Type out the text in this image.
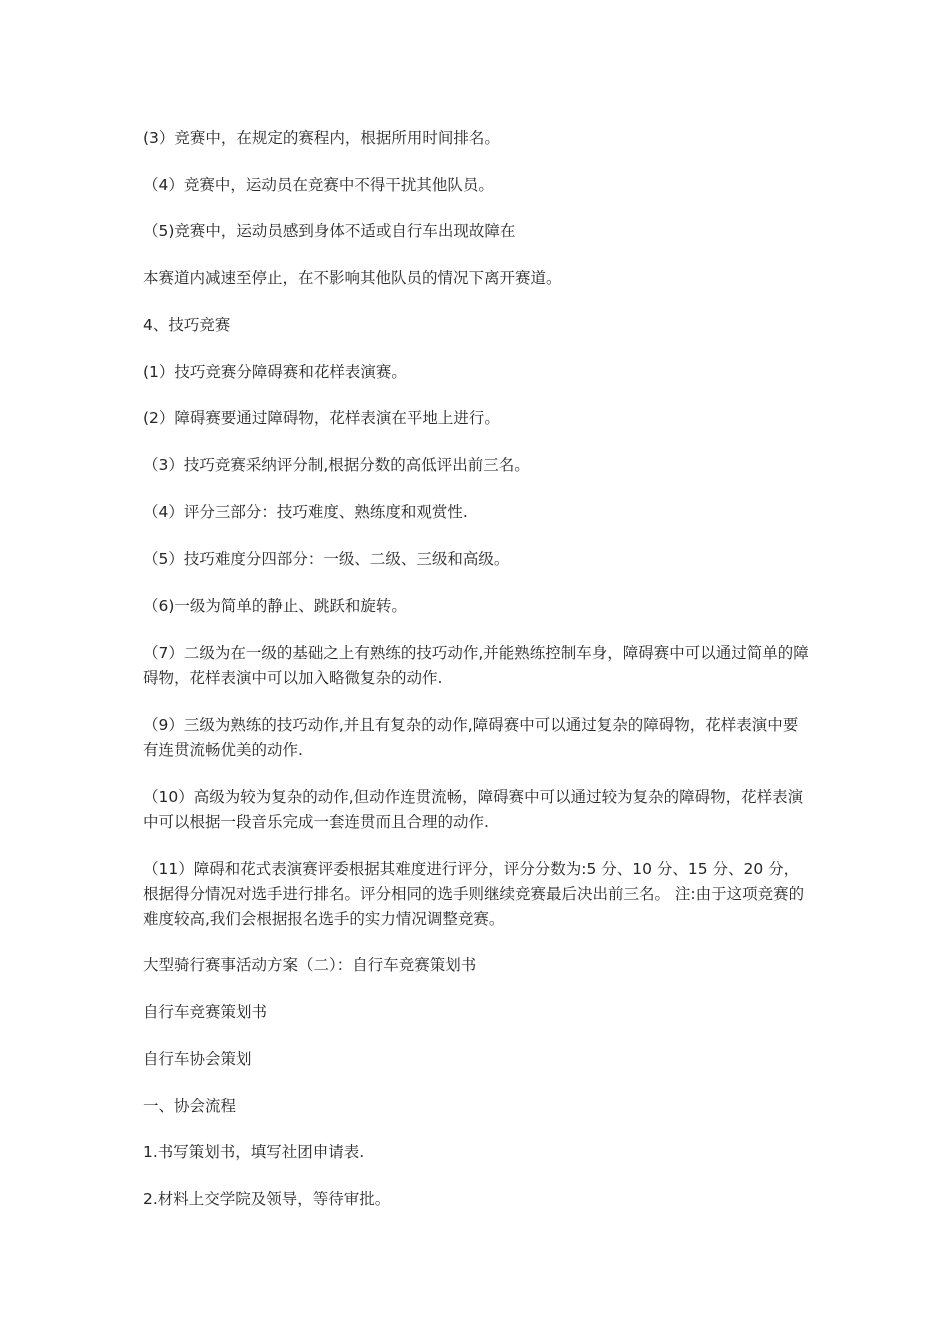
(3）竞赛中，在规定的赛程内，根据所用时间排名。

（4）竞赛中，运动员在竞赛中不得干扰其他队员。

（5)竞赛中，运动员感到身体不适或自行车出现故障在

本赛道内减速至停止，在不影响其他队员的情况下离开赛道。

4、技巧竞赛

(1）技巧竞赛分障碍赛和花样表演赛。

(2）障碍赛要通过障碍物，花样表演在平地上进行。

（3）技巧竞赛采纳评分制,根据分数的高低评出前三名。

（4）评分三部分：技巧难度、熟练度和观赏性.

（5）技巧难度分四部分：一级、二级、三级和高级。

（6)一级为简单的静止、跳跃和旋转。

（7）二级为在一级的基础之上有熟练的技巧动作,并能熟练控制车身，障碍赛中可以通过简单的障碍物，花样表演中可以加入略微复杂的动作.

（9）三级为熟练的技巧动作,并且有复杂的动作,障碍赛中可以通过复杂的障碍物，花样表演中要有连贯流畅优美的动作.

（10）高级为较为复杂的动作,但动作连贯流畅，障碍赛中可以通过较为复杂的障碍物，花样表演中可以根据一段音乐完成一套连贯而且合理的动作.

（11）障碍和花式表演赛评委根据其难度进行评分，评分分数为:5 分、10 分、15 分、20 分，根据得分情况对选手进行排名。评分相同的选手则继续竞赛最后决出前三名。 注:由于这项竞赛的难度较高,我们会根据报名选手的实力情况调整竞赛。

大型骑行赛事活动方案（二）：自行车竞赛策划书

自行车竞赛策划书

自行车协会策划

一、协会流程

1.书写策划书，填写社团申请表.

2.材料上交学院及领导，等待审批。
